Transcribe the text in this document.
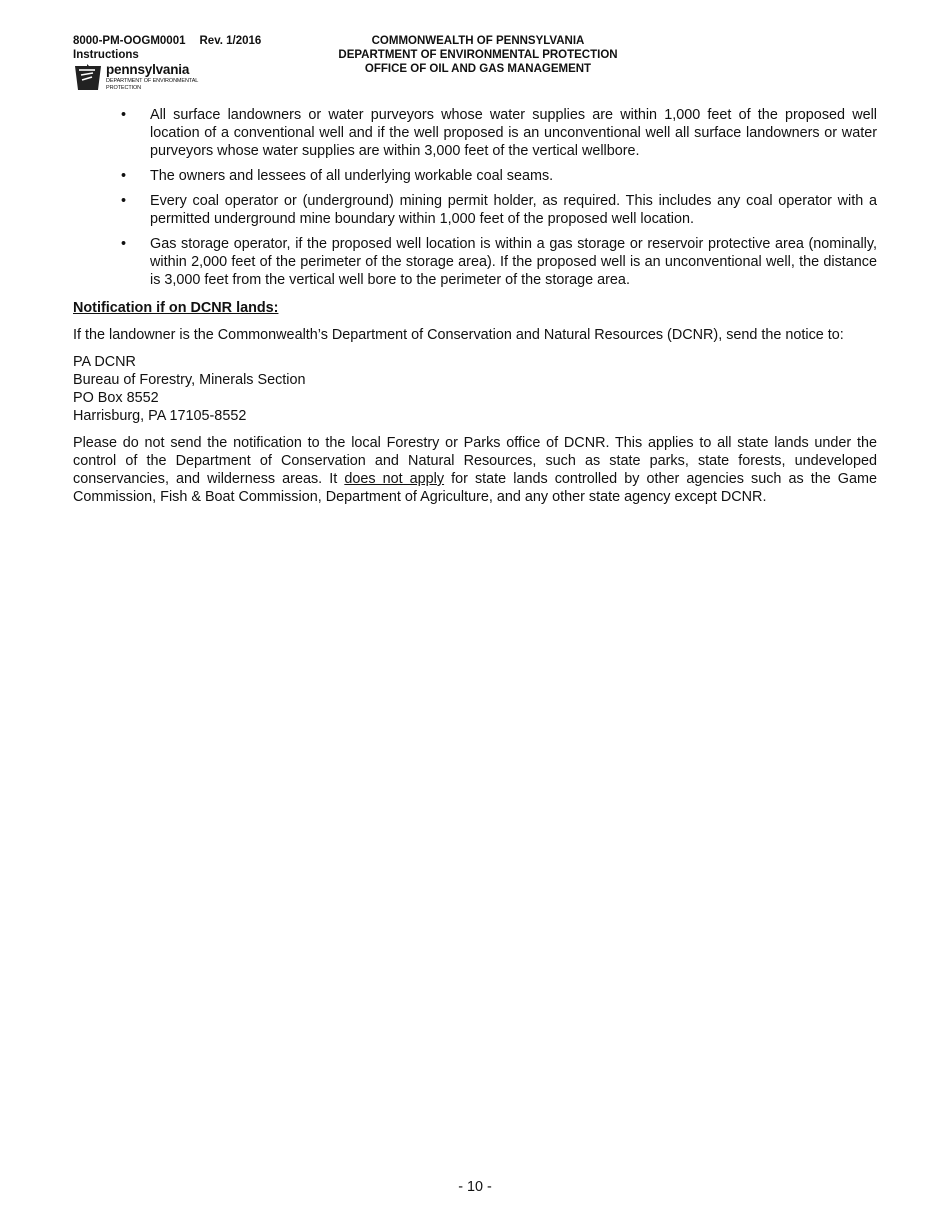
8000-PM-OOGM0001 Rev. 1/2016
Instructions
pennsylvania
DEPARTMENT OF ENVIRONMENTAL
PROTECTION
COMMONWEALTH OF PENNSYLVANIA
DEPARTMENT OF ENVIRONMENTAL PROTECTION
OFFICE OF OIL AND GAS MANAGEMENT
• All surface landowners or water purveyors whose water supplies are within 1,000 feet of the proposed well location of a conventional well and if the well proposed is an unconventional well all surface landowners or water purveyors whose water supplies are within 3,000 feet of the vertical wellbore.
• The owners and lessees of all underlying workable coal seams.
• Every coal operator or (underground) mining permit holder, as required. This includes any coal operator with a permitted underground mine boundary within 1,000 feet of the proposed well location.
• Gas storage operator, if the proposed well location is within a gas storage or reservoir protective area (nominally, within 2,000 feet of the perimeter of the storage area). If the proposed well is an unconventional well, the distance is 3,000 feet from the vertical well bore to the perimeter of the storage area.
Notification if on DCNR lands:

If the landowner is the Commonwealth’s Department of Conservation and Natural Resources (DCNR), send the notice to:

PA DCNR
Bureau of Forestry, Minerals Section
PO Box 8552
Harrisburg, PA 17105-8552

Please do not send the notification to the local Forestry or Parks office of DCNR. This applies to all state lands under the control of the Department of Conservation and Natural Resources, such as state parks, state forests, undeveloped conservancies, and wilderness areas. It does not apply for state lands controlled by other agencies such as the Game Commission, Fish & Boat Commission, Department of Agriculture, and any other state agency except DCNR.

- 10 -
